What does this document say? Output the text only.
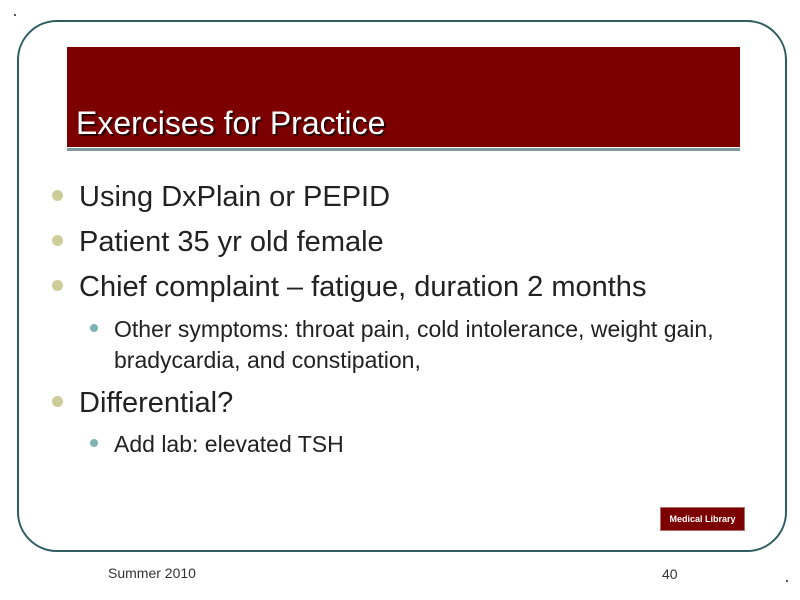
Exercises for Practice
Using DxPlain or PEPID
Patient 35 yr old female
Chief complaint – fatigue, duration 2 months
Other symptoms: throat pain, cold intolerance, weight gain, bradycardia, and constipation,
Differential?
Add lab: elevated TSH
Medical Library
Summer 2010	40
